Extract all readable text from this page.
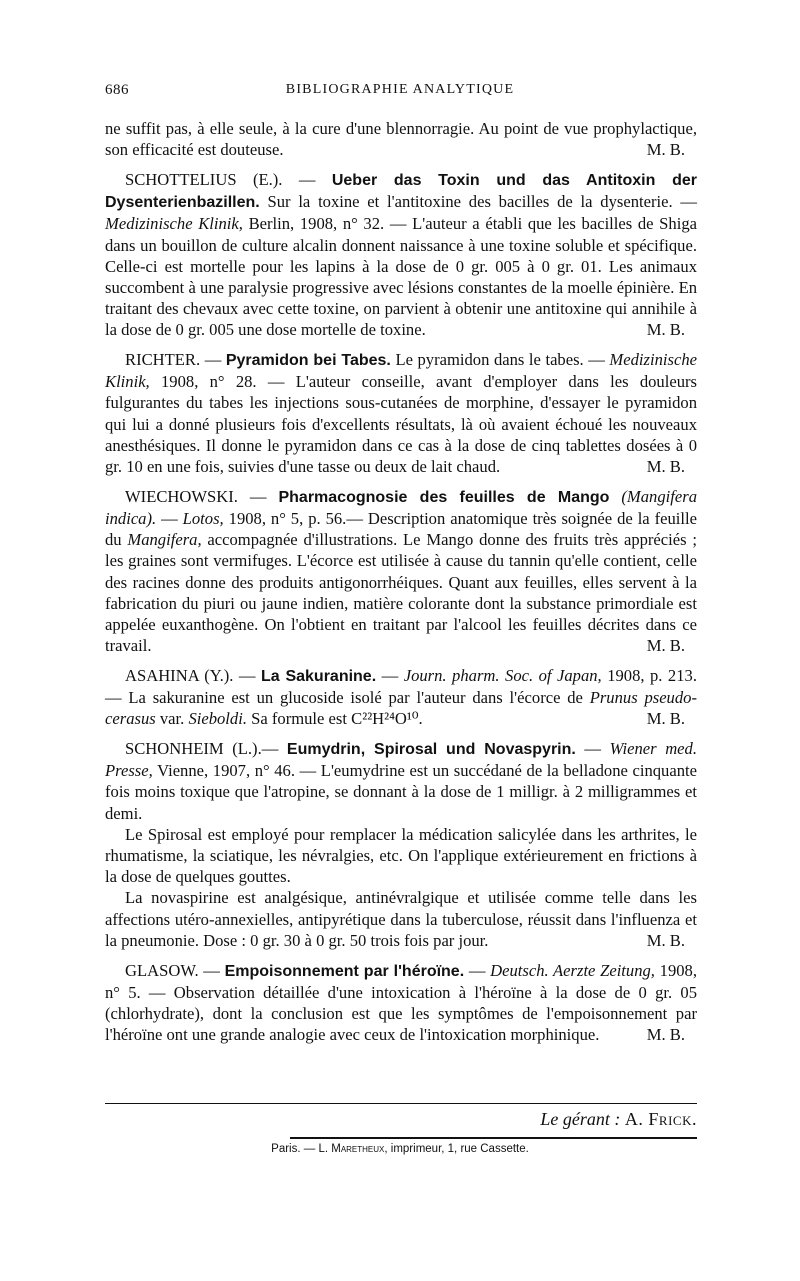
686	BIBLIOGRAPHIE ANALYTIQUE

ne suffit pas, à elle seule, à la cure d'une blennorragie. Au point de vue prophylactique, son efficacité est douteuse.	M. B.

SCHOTTELIUS (E.). — Ueber das Toxin und das Antitoxin der Dysenterienbazillen. Sur la toxine et l'antitoxine des bacilles de la dysenterie. — Medizinische Klinik, Berlin, 1908, n° 32. — L'auteur a établi que les bacilles de Shiga dans un bouillon de culture alcalin donnent naissance à une toxine soluble et spécifique. Celle-ci est mortelle pour les lapins à la dose de 0 gr. 005 à 0 gr. 01. Les animaux succombent à une paralysie progressive avec lésions constantes de la moelle épinière. En traitant des chevaux avec cette toxine, on parvient à obtenir une antitoxine qui annihile à la dose de 0 gr. 005 une dose mortelle de toxine.	M. B.

RICHTER. — Pyramidon bei Tabes. Le pyramidon dans le tabes. — Medizinische Klinik, 1908, n° 28. — L'auteur conseille, avant d'employer dans les douleurs fulgurantes du tabes les injections sous-cutanées de morphine, d'essayer le pyramidon qui lui a donné plusieurs fois d'excellents résultats, là où avaient échoué les nouveaux anesthésiques. Il donne le pyramidon dans ce cas à la dose de cinq tablettes dosées à 0 gr. 10 en une fois, suivies d'une tasse ou deux de lait chaud.	M. B.

WIECHOWSKI. — Pharmacognosie des feuilles de Mango (Mangifera indica). — Lotos, 1908, n° 5, p. 56.— Description anatomique très soignée de la feuille du Mangifera, accompagnée d'illustrations. Le Mango donne des fruits très appréciés ; les graines sont vermifuges. L'écorce est utilisée à cause du tannin qu'elle contient, celle des racines donne des produits antigonorrhéiques. Quant aux feuilles, elles servent à la fabrication du piuri ou jaune indien, matière colorante dont la substance primordiale est appelée euxanthogène. On l'obtient en traitant par l'alcool les feuilles décrites dans ce travail.	M. B.

ASAHINA (Y.). — La Sakuranine. — Journ. pharm. Soc. of Japan, 1908, p. 213. — La sakuranine est un glucoside isolé par l'auteur dans l'écorce de Prunus pseudo-cerasus var. Sieboldi. Sa formule est C²²H²⁴O¹⁰.	M. B.

SCHONHEIM (L.).— Eumydrin, Spirosal und Novaspyrin. — Wiener med. Presse, Vienne, 1907, n° 46. — L'eumydrine est un succédané de la belladone cinquante fois moins toxique que l'atropine, se donnant à la dose de 1 milligr. à 2 milligrammes et demi.

Le Spirosal est employé pour remplacer la médication salicylée dans les arthrites, le rhumatisme, la sciatique, les névralgies, etc. On l'applique extérieurement en frictions à la dose de quelques gouttes.

La novaspirine est analgésique, antinévralgique et utilisée comme telle dans les affections utéro-annexielles, antipyrétique dans la tuberculose, réussit dans l'influenza et la pneumonie. Dose : 0 gr. 30 à 0 gr. 50 trois fois par jour.	M. B.

GLASOW. — Empoisonnement par l'héroïne. — Deutsch. Aerzte Zeitung, 1908, n° 5. — Observation détaillée d'une intoxication à l'héroïne à la dose de 0 gr. 05 (chlorhydrate), dont la conclusion est que les symptômes de l'empoisonnement par l'héroïne ont une grande analogie avec ceux de l'intoxication morphinique.	M. B.

Le gérant : A. Frick.
Paris. — L. Maretheux, imprimeur, 1, rue Cassette.
